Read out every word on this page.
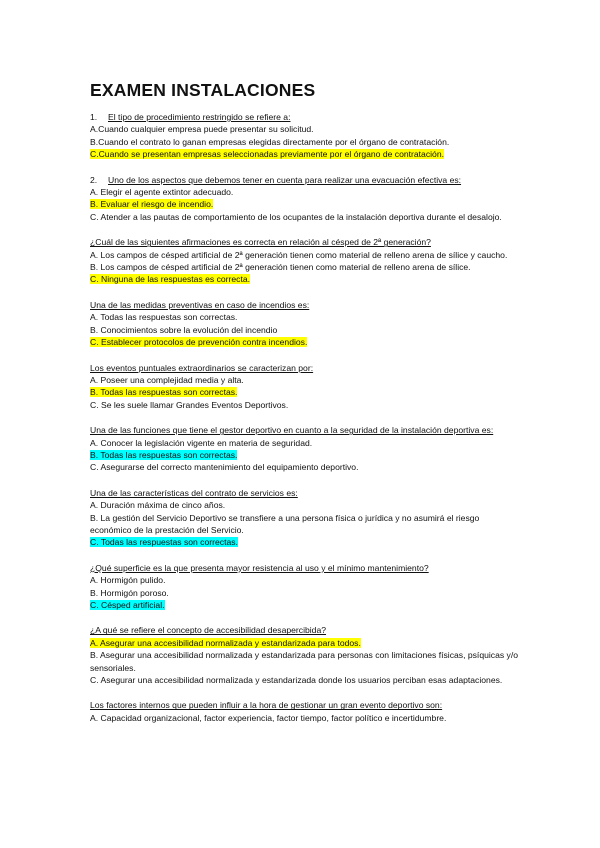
EXAMEN INSTALACIONES
1. El tipo de procedimiento restringido se refiere a:
A.Cuando cualquier empresa puede presentar su solicitud.
B.Cuando el contrato lo ganan empresas elegidas directamente por el órgano de contratación.
C.Cuando se presentan empresas seleccionadas previamente por el órgano de contratación.
2. Uno de los aspectos que debemos tener en cuenta para realizar una evacuación efectiva es:
A. Elegir el agente extintor adecuado.
B. Evaluar el riesgo de incendio.
C. Atender a las pautas de comportamiento de los ocupantes de la instalación deportiva durante el desalojo.
¿Cuál de las siguientes afirmaciones es correcta en relación al césped de 2ª generación?
A. Los campos de césped artificial de 2ª generación tienen como material de relleno arena de sílice y caucho.
B. Los campos de césped artificial de 2ª generación tienen como material de relleno arena de sílice.
C. Ninguna de las respuestas es correcta.
Una de las medidas preventivas en caso de incendios es:
A. Todas las respuestas son correctas.
B. Conocimientos sobre la evolución del incendio
C. Establecer protocolos de prevención contra incendios.
Los eventos puntuales extraordinarios se caracterizan por:
A. Poseer una complejidad media y alta.
B. Todas las respuestas son correctas.
C. Se les suele llamar Grandes Eventos Deportivos.
Una de las funciones que tiene el gestor deportivo en cuanto a la seguridad de la instalación deportiva es:
A. Conocer la legislación vigente en materia de seguridad.
B. Todas las respuestas son correctas.
C. Asegurarse del correcto mantenimiento del equipamiento deportivo.
Una de las características del contrato de servicios es:
A. Duración máxima de cinco años.
B. La gestión del Servicio Deportivo se transfiere a una persona física o jurídica y no asumirá el riesgo económico de la prestación del Servicio.
C. Todas las respuestas son correctas.
¿Qué superficie es la que presenta mayor resistencia al uso y el mínimo mantenimiento?
A. Hormigón pulido.
B. Hormigón poroso.
C. Césped artificial.
¿A qué se refiere el concepto de accesibilidad desapercibida?
A. Asegurar una accesibilidad normalizada y estandarizada para todos.
B. Asegurar una accesibilidad normalizada y estandarizada para personas con limitaciones físicas, psíquicas y/o sensoriales.
C. Asegurar una accesibilidad normalizada y estandarizada donde los usuarios perciban esas adaptaciones.
Los factores internos que pueden influir a la hora de gestionar un gran evento deportivo son:
A. Capacidad organizacional, factor experiencia, factor tiempo, factor político e incertidumbre.
